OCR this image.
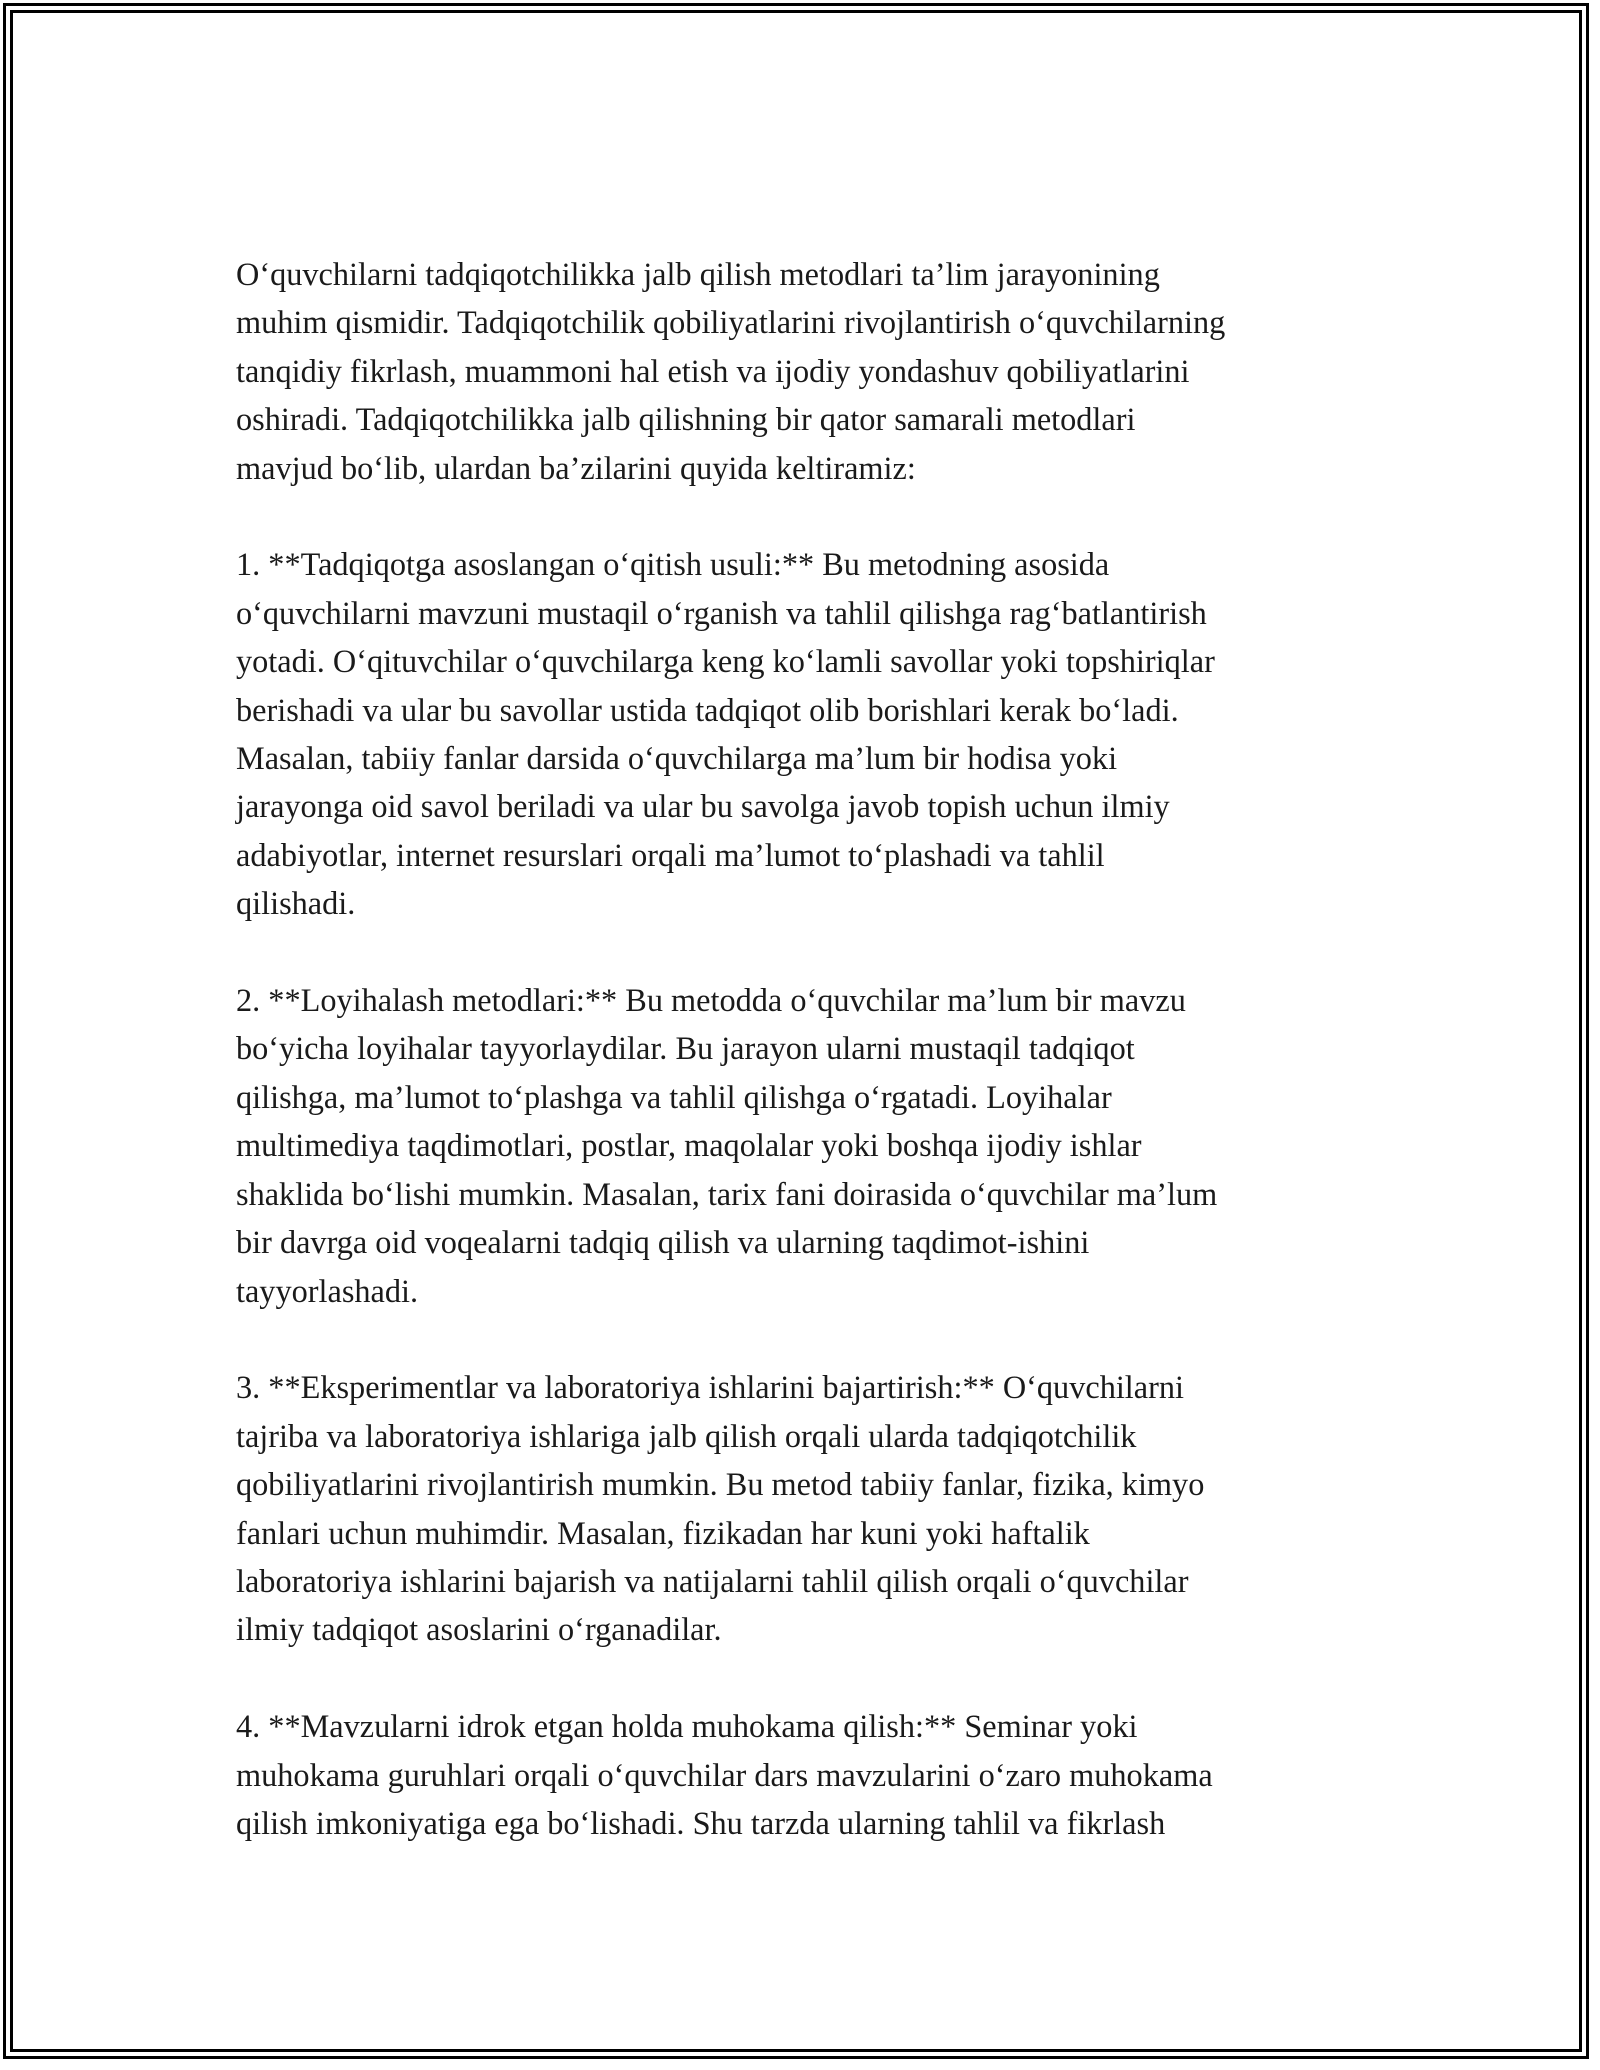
O‘quvchilarni tadqiqotchilikka jalb qilish metodlari ta’lim jarayonining
muhim qismidir. Tadqiqotchilik qobiliyatlarini rivojlantirish o‘quvchilarning
tanqidiy fikrlash, muammoni hal etish va ijodiy yondashuv qobiliyatlarini
oshiradi. Tadqiqotchilikka jalb qilishning bir qator samarali metodlari
mavjud bo‘lib, ulardan ba’zilarini quyida keltiramiz:

1. **Tadqiqotga asoslangan o‘qitish usuli:** Bu metodning asosida
o‘quvchilarni mavzuni mustaqil o‘rganish va tahlil qilishga rag‘batlantirish
yotadi. O‘qituvchilar o‘quvchilarga keng ko‘lamli savollar yoki topshiriqlar
berishadi va ular bu savollar ustida tadqiqot olib borishlari kerak bo‘ladi.
Masalan, tabiiy fanlar darsida o‘quvchilarga ma’lum bir hodisa yoki
jarayonga oid savol beriladi va ular bu savolga javob topish uchun ilmiy
adabiyotlar, internet resurslari orqali ma’lumot to‘plashadi va tahlil
qilishadi.

2. **Loyihalash metodlari:** Bu metodda o‘quvchilar ma’lum bir mavzu
bo‘yicha loyihalar tayyorlaydilar. Bu jarayon ularni mustaqil tadqiqot
qilishga, ma’lumot to‘plashga va tahlil qilishga o‘rgatadi. Loyihalar
multimediya taqdimotlari, postlar, maqolalar yoki boshqa ijodiy ishlar
shaklida bo‘lishi mumkin. Masalan, tarix fani doirasida o‘quvchilar ma’lum
bir davrga oid voqealarni tadqiq qilish va ularning taqdimot-ishini
tayyorlashadi.

3. **Eksperimentlar va laboratoriya ishlarini bajartirish:** O‘quvchilarni
tajriba va laboratoriya ishlariga jalb qilish orqali ularda tadqiqotchilik
qobiliyatlarini rivojlantirish mumkin. Bu metod tabiiy fanlar, fizika, kimyo
fanlari uchun muhimdir. Masalan, fizikadan har kuni yoki haftalik
laboratoriya ishlarini bajarish va natijalarni tahlil qilish orqali o‘quvchilar
ilmiy tadqiqot asoslarini o‘rganadilar.

4. **Mavzularni idrok etgan holda muhokama qilish:** Seminar yoki
muhokama guruhlari orqali o‘quvchilar dars mavzularini o‘zaro muhokama
qilish imkoniyatiga ega bo‘lishadi. Shu tarzda ularning tahlil va fikrlash
